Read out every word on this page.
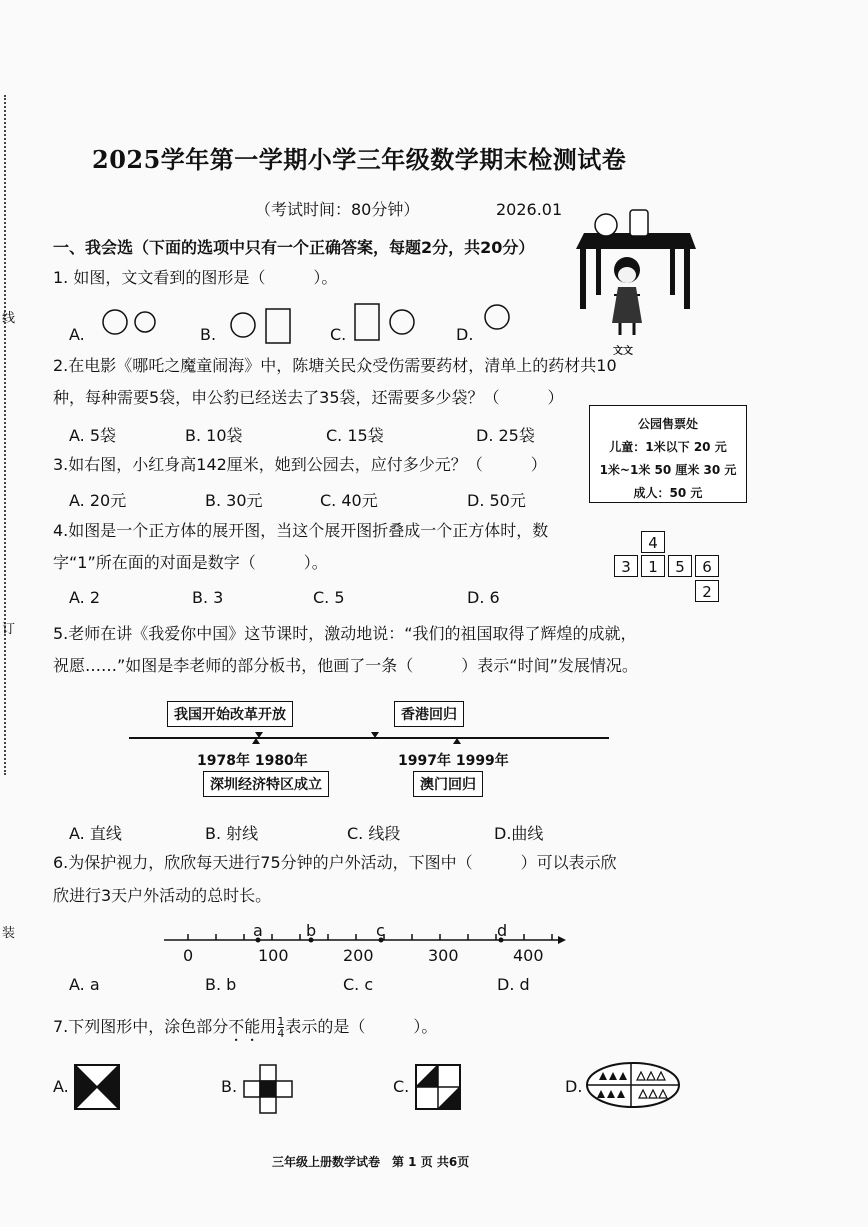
线
订
装
2025学年第一学期小学三年级数学期末检测试卷
（考试时间：80分钟）	2026.01
文文
一、我会选（下面的选项中只有一个正确答案，每题2分，共20分）
1. 如图，文文看到的图形是（　　　）。
A.	B.	C.	D.
2.在电影《哪吒之魔童闹海》中，陈塘关民众受伤需要药材，清单上的药材共10
种，每种需要5袋，申公豹已经送去了35袋，还需要多少袋？（　　　）
A. 5袋	B. 10袋	C. 15袋	D. 25袋
公园售票处
儿童：1米以下 20 元
1米~1米 50 厘米 30 元
成人：50 元
3.如右图，小红身高142厘米，她到公园去，应付多少元？（　　　）
A. 20元	B. 30元	C. 40元	D. 50元
4.如图是一个正方体的展开图，当这个展开图折叠成一个正方体时，数
字“1”所在面的对面是数字（　　　）。
4
3	1	5	6
2
A. 2	B. 3	C. 5	D. 6
5.老师在讲《我爱你中国》这节课时，激动地说：“我们的祖国取得了辉煌的成就，
祝愿……”如图是李老师的部分板书，他画了一条（　　　）表示“时间”发展情况。
我国开始改革开放	香港回归
1978年 1980年	1997年 1999年
深圳经济特区成立	澳门回归
A. 直线	B. 射线	C. 线段	D.曲线
6.为保护视力，欣欣每天进行75分钟的户外活动，下图中（　　　）可以表示欣
欣进行3天户外活动的总时长。
a	b	c	d
0	100	200	300	400
A. a	B. b	C. c	D. d
7.下列图形中，涂色部分不能用 $\frac{1}{4}$ 表示的是（　　　）。
A.	B.	C.	D.
三年级上册数学试卷　第 1 页 共6页
